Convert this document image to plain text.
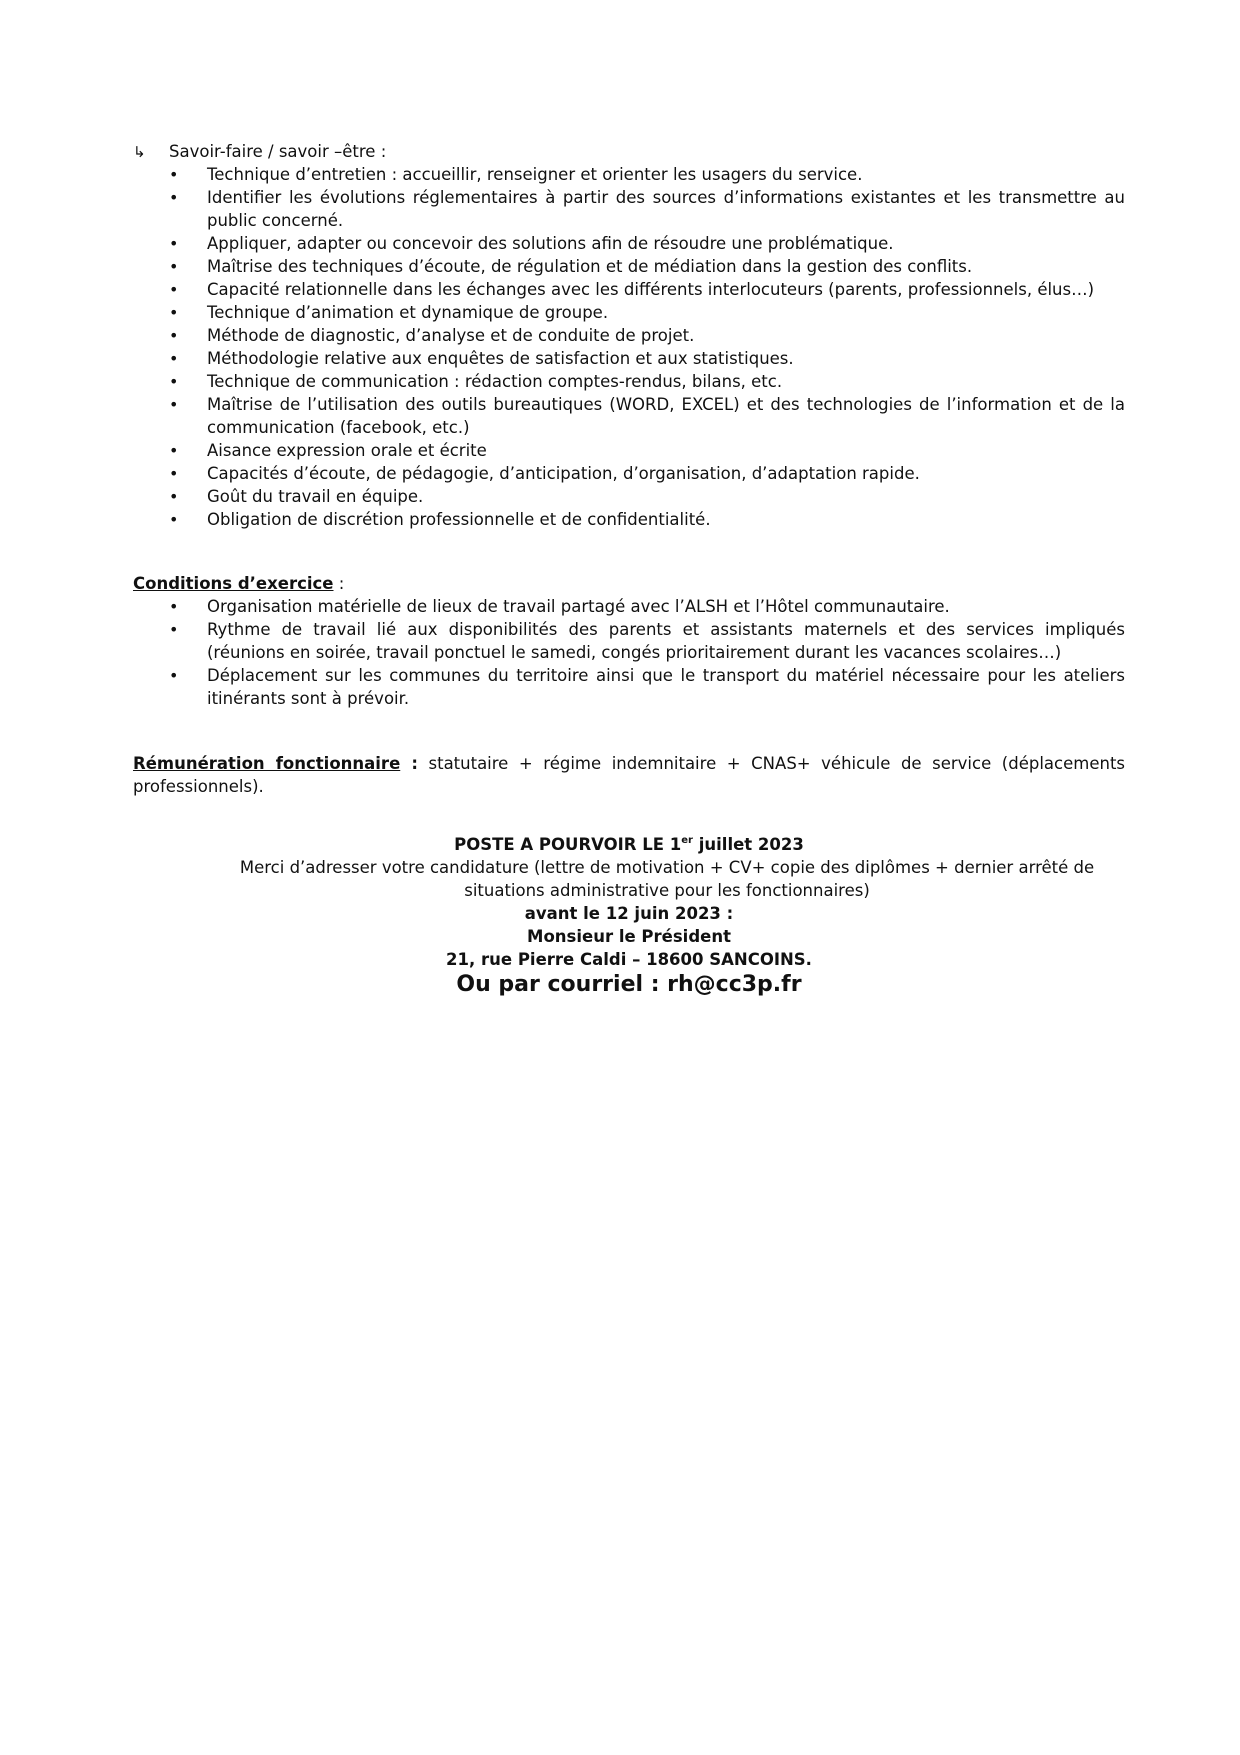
↳ Savoir-faire / savoir –être :
• Technique d’entretien : accueillir, renseigner et orienter les usagers du service.
• Identifier les évolutions réglementaires à partir des sources d’informations existantes et les transmettre au public concerné.
• Appliquer, adapter ou concevoir des solutions afin de résoudre une problématique.
• Maîtrise des techniques d’écoute, de régulation et de médiation dans la gestion des conflits.
• Capacité relationnelle dans les échanges avec les différents interlocuteurs (parents, professionnels, élus…)
• Technique d’animation et dynamique de groupe.
• Méthode de diagnostic, d’analyse et de conduite de projet.
• Méthodologie relative aux enquêtes de satisfaction et aux statistiques.
• Technique de communication : rédaction comptes-rendus, bilans, etc.
• Maîtrise de l’utilisation des outils bureautiques (WORD, EXCEL) et des technologies de l’information et de la communication (facebook, etc.)
• Aisance expression orale et écrite
• Capacités d’écoute, de pédagogie, d’anticipation, d’organisation, d’adaptation rapide.
• Goût du travail en équipe.
• Obligation de discrétion professionnelle et de confidentialité.
Conditions d’exercice :
• Organisation matérielle de lieux de travail partagé avec l’ALSH et l’Hôtel communautaire.
• Rythme de travail lié aux disponibilités des parents et assistants maternels et des services impliqués (réunions en soirée, travail ponctuel le samedi, congés prioritairement durant les vacances scolaires…)
• Déplacement sur les communes du territoire ainsi que le transport du matériel nécessaire pour les ateliers itinérants sont à prévoir.
Rémunération fonctionnaire : statutaire + régime indemnitaire + CNAS+ véhicule de service (déplacements professionnels).
POSTE A POURVOIR LE 1er juillet 2023
Merci d’adresser votre candidature (lettre de motivation + CV+ copie des diplômes + dernier arrêté de situations administrative pour les fonctionnaires)
avant le 12 juin 2023 :
Monsieur le Président
21, rue Pierre Caldi – 18600 SANCOINS.
Ou par courriel : rh@cc3p.fr
